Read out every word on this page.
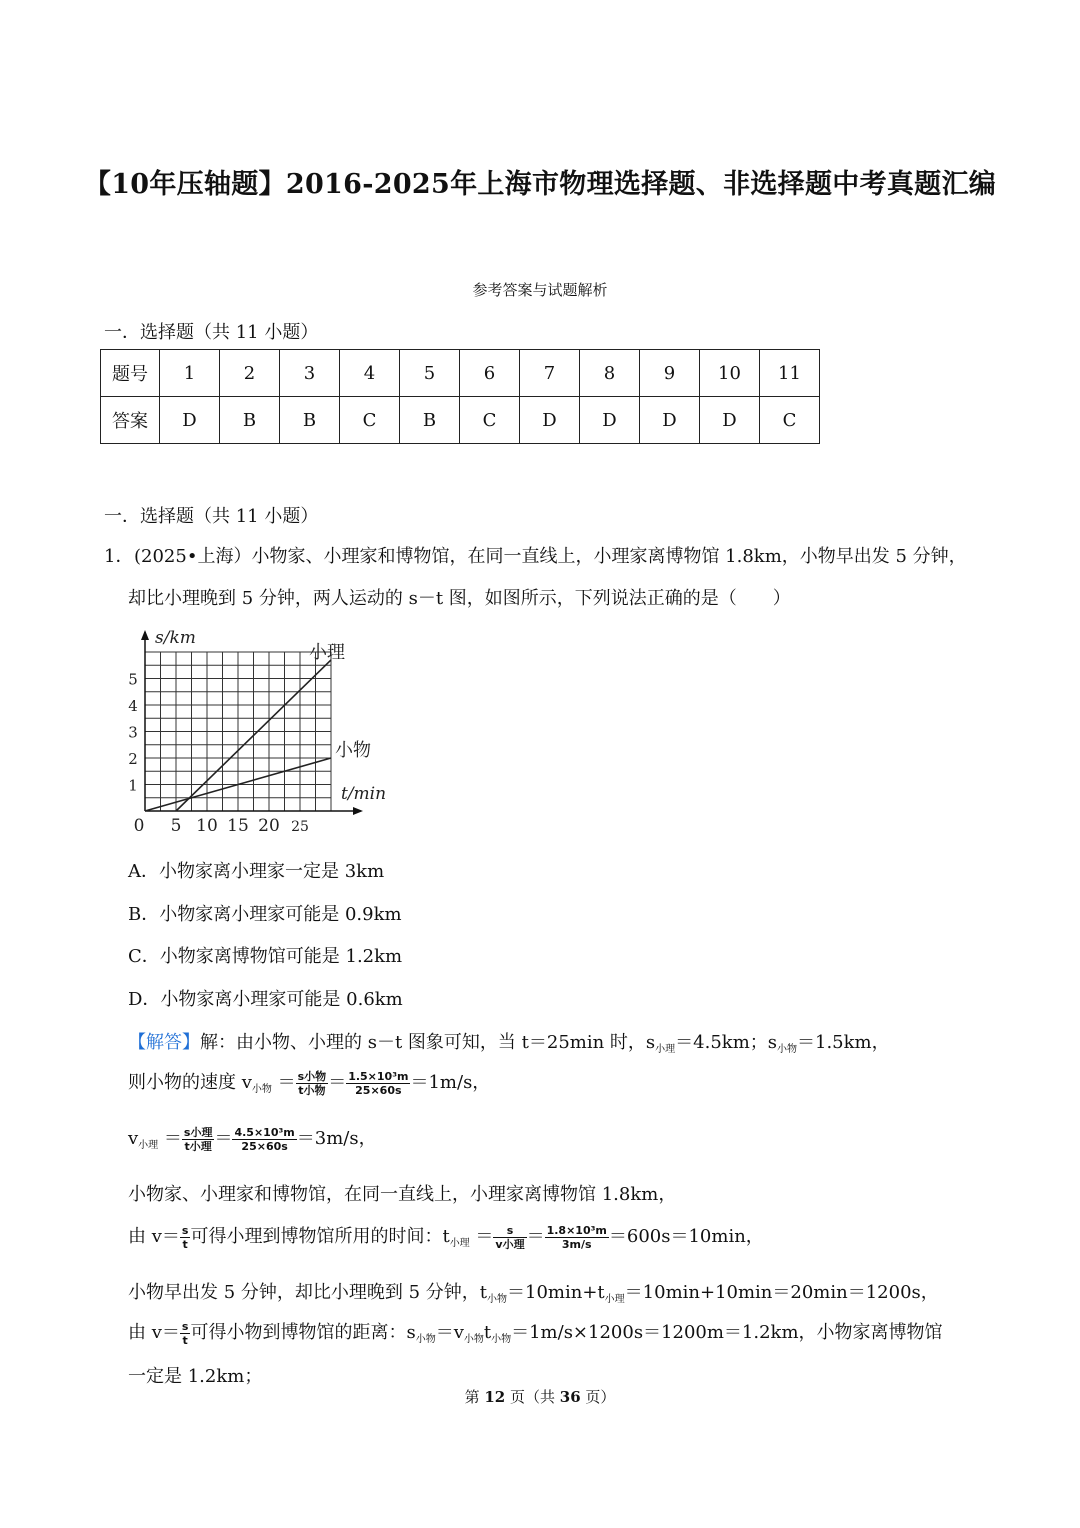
【10年压轴题】2016-2025年上海市物理选择题、非选择题中考真题汇编
参考答案与试题解析
一．选择题（共 11 小题）
题号	1	2	3	4	5	6	7	8	9	10	11
答案	D	B	B	C	B	C	D	D	D	D	C
一．选择题（共 11 小题）
1． (2025•上海）小物家、小理家和博物馆，在同一直线上，小理家离博物馆 1.8km，小物早出发 5 分钟，
却比小理晚到 5 分钟，两人运动的 s－t 图，如图所示，下列说法正确的是（　　）
小理
小物
0 5 10 15 20 25
1
2
3
4
5
s/km
t/min
A．小物家离小理家一定是 3km
B．小物家离小理家可能是 0.9km
C．小物家离博物馆可能是 1.2km
D．小物家离小理家可能是 0.6km
【解答】解：由小物、小理的 s－t 图象可知，当 t＝25min 时，$s_{小理}=4.5km$；$s_{小物}=1.5km$，
则小物的速度 $v_{小物} = \frac{\text{s小物}}{\text{t小物}} = \frac{\text{1.5×10³m}}{25\times 60s} =1m/s$，
$v_{小理} = \frac{\text{s小理}}{\text{t小理}} = \frac{\text{4.5×10³m}}{25\times 60s} =3m/s$，
小物家、小理家和博物馆，在同一直线上，小理家离博物馆 1.8km，
由 $v= \frac{s}{t}$ 可得小理到博物馆所用的时间：$t_{小理} = \frac{s}{\text{v小理}} = \frac{\text{1.8×10³m}}{3m/s} =600s=10\min$，
小物早出发 5 分钟，却比小理晚到 5 分钟，$t_{小物}=10\min+t_{小理}=10\min+10\min=20\min=1200s$，
由 $v= \frac{s}{t}$ 可得小物到博物馆的距离：$s_{小物}=v_{小物}t_{小物}=1m/s\times 1200s=1200m=1.2km$，小物家离博物馆
一定是 1.2km；
第 12 页（共 36 页）
